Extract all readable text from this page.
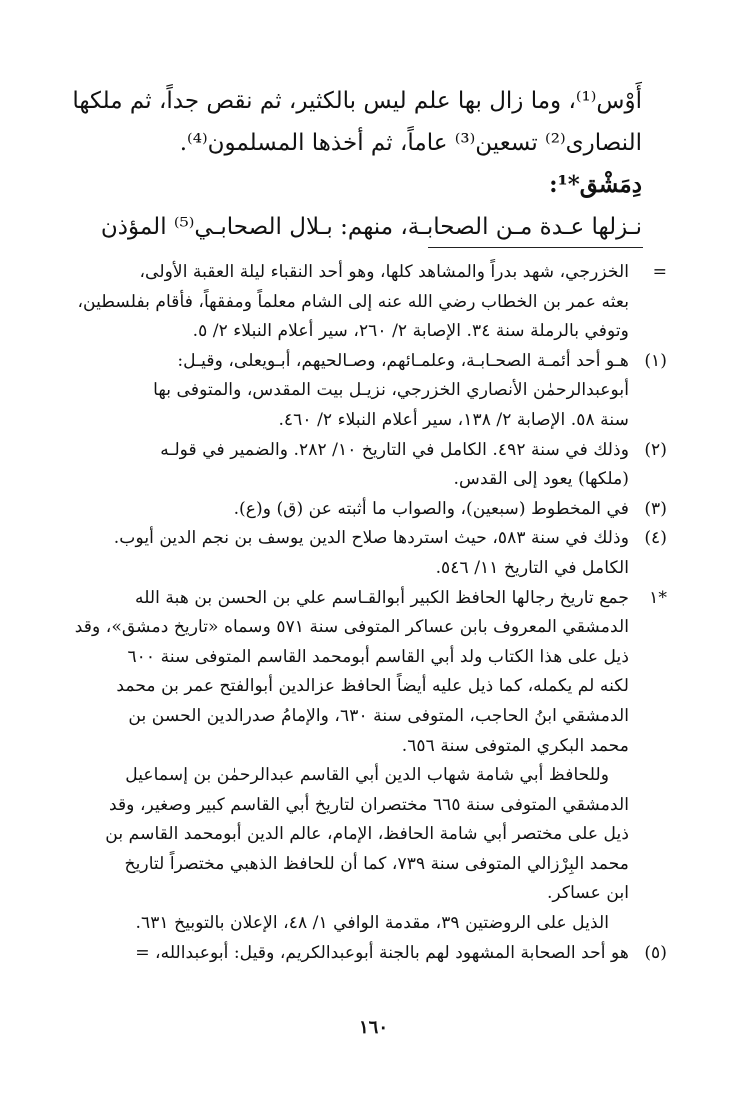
أَوْس⁽¹⁾، وما زال بها علم ليس بالكثير، ثم نقص جداً، ثم ملكها
النصارى⁽²⁾ تسعين⁽³⁾ عاماً، ثم أخذها المسلمون⁽⁴⁾.
دِمَشْق*¹:
نـزلها عـدة مـن الصحابـة، منهم: بـلال الصحابـي⁽⁵⁾ المؤذن
=
الخزرجي، شهد بدراً والمشاهد كلها، وهو أحد النقباء ليلة العقبة الأولى،
بعثه عمر بن الخطاب رضي الله عنه إلى الشام معلماً ومفقهاً، فأقام بفلسطين،
وتوفي بالرملة سنة ٣٤. الإصابة ٢/ ٢٦٠، سير أعلام النبلاء ٢/ ٥.
(١)
هـو أحد أئمـة الصحـابـة، وعلمـائهم، وصـالحيهم، أبـويعلى، وقيـل:
أبوعبدالرحمٰن الأنصاري الخزرجي، نزيـل بيت المقدس، والمتوفى بها
سنة ٥٨. الإصابة ٢/ ١٣٨، سير أعلام النبلاء ٢/ ٤٦٠.
(٢)
وذلك في سنة ٤٩٢. الكامل في التاريخ ١٠/ ٢٨٢. والضمير في قولـه
(ملكها) يعود إلى القدس.
(٣)
في المخطوط (سبعين)، والصواب ما أثبته عن (ق) و(ع).
(٤)
وذلك في سنة ٥٨٣، حيث استردها صلاح الدين يوسف بن نجم الدين أيوب.
الكامل في التاريخ ١١/ ٥٤٦.
*١
جمع تاريخ رجالها الحافظ الكبير أبوالقـاسم علي بن الحسن بن هبة الله
الدمشقي المعروف بابن عساكر المتوفى سنة ٥٧١ وسماه «تاريخ دمشق»، وقد
ذيل على هذا الكتاب ولد أبي القاسم أبومحمد القاسم المتوفى سنة ٦٠٠
لكنه لم يكمله، كما ذيل عليه أيضاً الحافظ عزالدين أبوالفتح عمر بن محمد
الدمشقي ابنُ الحاجب، المتوفى سنة ٦٣٠، والإمامُ صدرالدين الحسن بن
محمد البكري المتوفى سنة ٦٥٦.
وللحافظ أبي شامة شهاب الدين أبي القاسم عبدالرحمٰن بن إسماعيل
الدمشقي المتوفى سنة ٦٦٥ مختصران لتاريخ أبي القاسم كبير وصغير، وقد
ذيل على مختصر أبي شامة الحافظ، الإمام، عالم الدين أبومحمد القاسم بن
محمد البِرْزالي المتوفى سنة ٧٣٩، كما أن للحافظ الذهبي مختصراً لتاريخ
ابن عساكر.
الذيل على الروضتين ٣٩، مقدمة الوافي ١/ ٤٨، الإعلان بالتوبيخ ٦٣١.
(٥)
هو أحد الصحابة المشهود لهم بالجنة أبوعبدالكريم، وقيل: أبوعبدالله، =
١٦٠
